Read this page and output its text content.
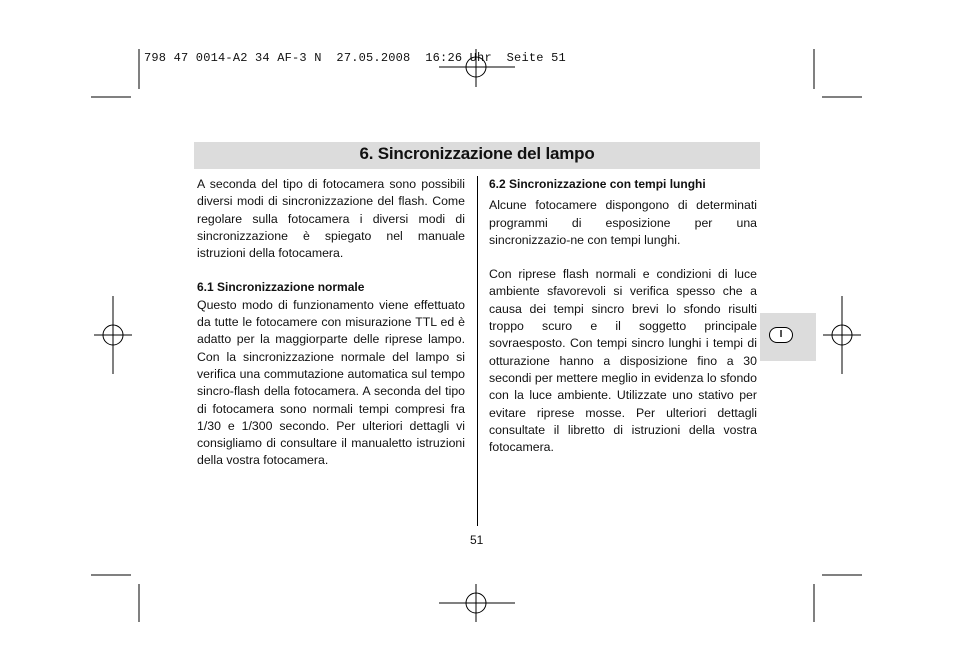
798 47 0014-A2 34 AF-3 N  27.05.2008  16:26 Uhr  Seite 51
6. Sincronizzazione del lampo

A seconda del tipo di fotocamera sono possibili diversi modi di sincronizzazione del flash. Come regolare sulla fotocamera i diversi modi di sincronizzazione è spiegato nel manuale istruzioni della fotocamera.

6.1 Sincronizzazione normale

Questo modo di funzionamento viene effettuato da tutte le fotocamere con misurazione TTL ed è adatto per la maggiorparte delle riprese lampo. Con la sincronizzazione normale del lampo si verifica una commutazione automatica sul tempo sincro-flash della fotocamera. A seconda del tipo di fotocamera sono normali tempi compresi fra 1/30 e 1/300 secondo. Per ulteriori dettagli vi consigliamo di consultare il manualetto istruzioni della vostra fotocamera.

6.2 Sincronizzazione con tempi lunghi

Alcune fotocamere dispongono di determinati programmi di esposizione per una sincronizzazio-ne con tempi lunghi.

Con riprese flash normali e condizioni di luce ambiente sfavorevoli si verifica spesso che a causa dei tempi sincro brevi lo sfondo risulti troppo scuro e il soggetto principale sovraesposto. Con tempi sincro lunghi i tempi di otturazione hanno a disposizione fino a 30 secondi per mettere meglio in evidenza lo sfondo con la luce ambiente. Utilizzate uno stativo per evitare riprese mosse. Per ulteriori dettagli consultate il libretto di istruzioni della vostra fotocamera.

51
I
